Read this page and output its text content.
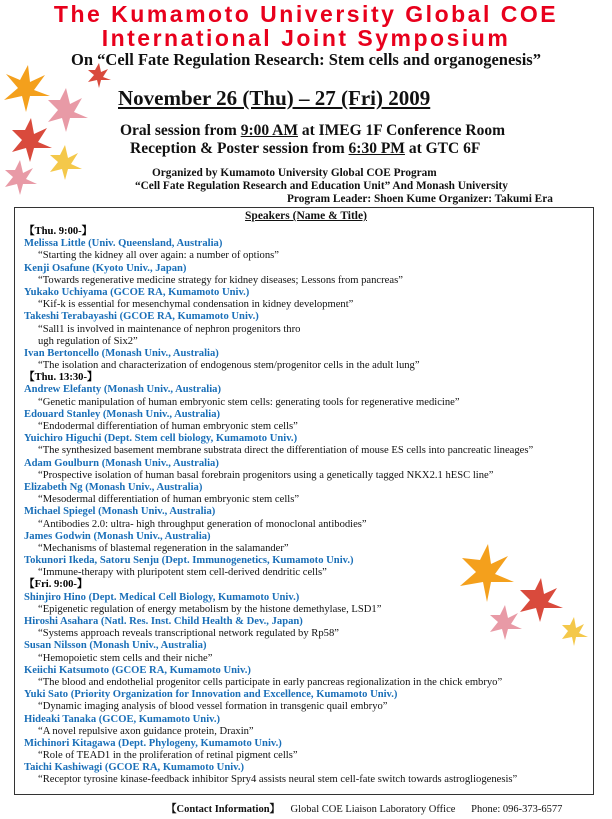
The Kumamoto University Global COE
International Joint Symposium
On “Cell Fate Regulation Research: Stem cells and organogenesis”
November 26 (Thu) – 27 (Fri) 2009
Oral session from 9:00 AM at IMEG 1F Conference Room
Reception & Poster session from 6:30 PM at GTC 6F
Organized by Kumamoto University Global COE Program
“Cell Fate Regulation Research and Education Unit” And Monash University
Program Leader: Shoen Kume Organizer: Takumi Era
Speakers (Name & Title)
【Thu. 9:00-】
Melissa Little (Univ. Queensland, Australia)
“Starting the kidney all over again: a number of options”
Kenji Osafune (Kyoto Univ., Japan)
“Towards regenerative medicine strategy for kidney diseases; Lessons from pancreas”
Yukako Uchiyama (GCOE RA, Kumamoto Univ.)
“Kif-k is essential for mesenchymal condensation in kidney development”
Takeshi Terabayashi (GCOE RA, Kumamoto Univ.)
“Sall1 is involved in maintenance of nephron progenitors thro
ugh regulation of Six2”
Ivan Bertoncello (Monash Univ., Australia)
“The isolation and characterization of endogenous stem/progenitor cells in the adult lung”
【Thu. 13:30-】
Andrew Elefanty (Monash Univ., Australia)
“Genetic manipulation of human embryonic stem cells: generating tools for regenerative medicine”
Edouard Stanley (Monash Univ., Australia)
“Endodermal differentiation of human embryonic stem cells”
Yuichiro Higuchi (Dept. Stem cell biology, Kumamoto Univ.)
“The synthesized basement membrane substrata direct the differentiation of mouse ES cells into pancreatic lineages”
Adam Goulburn (Monash Univ., Australia)
“Prospective isolation of human basal forebrain progenitors using a genetically tagged NKX2.1 hESC line”
Elizabeth Ng (Monash Univ., Australia)
“Mesodermal differentiation of human embryonic stem cells”
Michael Spiegel (Monash Univ., Australia)
“Antibodies 2.0: ultra- high throughput generation of monoclonal antibodies”
James Godwin (Monash Univ., Australia)
“Mechanisms of blastemal regeneration in the salamander”
Tokunori Ikeda, Satoru Senju (Dept. Immunogenetics, Kumamoto Univ.)
“Immune-therapy with pluripotent stem cell-derived dendritic cells”
【Fri. 9:00-】
Shinjiro Hino (Dept. Medical Cell Biology, Kumamoto Univ.)
“Epigenetic regulation of energy metabolism by the histone demethylase, LSD1”
Hiroshi Asahara (Natl. Res. Inst. Child Health & Dev., Japan)
“Systems approach reveals transcriptional network regulated by Rp58”
Susan Nilsson (Monash Univ., Australia)
“Hemopoietic stem cells and their niche”
Keiichi Katsumoto (GCOE RA, Kumamoto Univ.)
“The blood and endothelial progenitor cells participate in early pancreas regionalization in the chick embryo”
Yuki Sato (Priority Organization for Innovation and Excellence, Kumamoto Univ.)
“Dynamic imaging analysis of blood vessel formation in transgenic quail embryo”
Hideaki Tanaka (GCOE, Kumamoto Univ.)
“A novel repulsive axon guidance protein, Draxin”
Michinori Kitagawa (Dept. Phylogeny, Kumamoto Univ.)
“Role of TEAD1 in the proliferation of retinal pigment cells”
Taichi Kashiwagi (GCOE RA, Kumamoto Univ.)
“Receptor tyrosine kinase-feedback inhibitor Spry4 assists neural stem cell-fate switch towards astrogliogenesis”
【Contact Information】 Global COE Liaison Laboratory Office Phone: 096-373-6577
